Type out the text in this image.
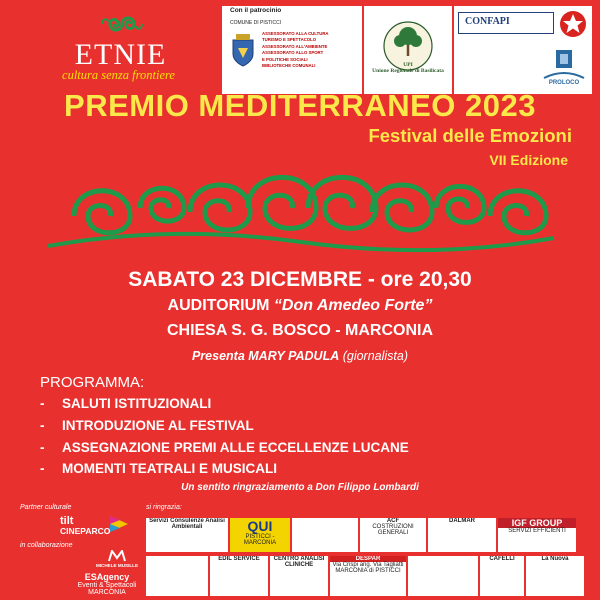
ETNIE
cultura senza frontiere
Con il patrocinio
COMUNE DI PISTICCI
ASSESSORATO ALLA CULTURA
TURISMO E SPETTACOLO
ASSESSORATO ALL'AMBIENTE
ASSESSORATO ALLO SPORT
E POLITICHE SOCIALI
BIBLIOTECHE COMUNALI	UPI
Unione Regionale di Basilicata
CONFAPI
PROLOCO
PREMIO MEDITERRANEO 2023
Festival delle Emozioni
VII Edizione
SABATO 23 DICEMBRE - ore 20,30
AUDITORIUM “Don Amedeo Forte”
CHIESA S. G. BOSCO - MARCONIA
Presenta MARY PADULA (giornalista)
PROGRAMMA:
- SALUTI ISTITUZIONALI
- INTRODUZIONE AL FESTIVAL
- ASSEGNAZIONE PREMI ALLE ECCELLENZE LUCANE
- MOMENTI TEATRALI E MUSICALI
Un sentito ringraziamento a Don Filippo Lombardi
Partner culturale
tilt
CINEPARCO
in collaborazione
MICHELE MUSILLE
ESAgency
Eventi & Spettacoli
MARCONIA
si ringrazia:
Servizi Consulenze Analisi Ambientali	QUI
PISTICCI - MARCONIA
ACF
COSTRUZIONI GENERALI
DALMAR	IGF GROUP
SERVIZI EFFICIENTI
EDIL SERVICE	CENTRO ANALISI CLINICHE
DESPAR
Via Crispi ang. Via Tagliatti MARCONIA di PISTICCI
CAFELLI	La Nuova
